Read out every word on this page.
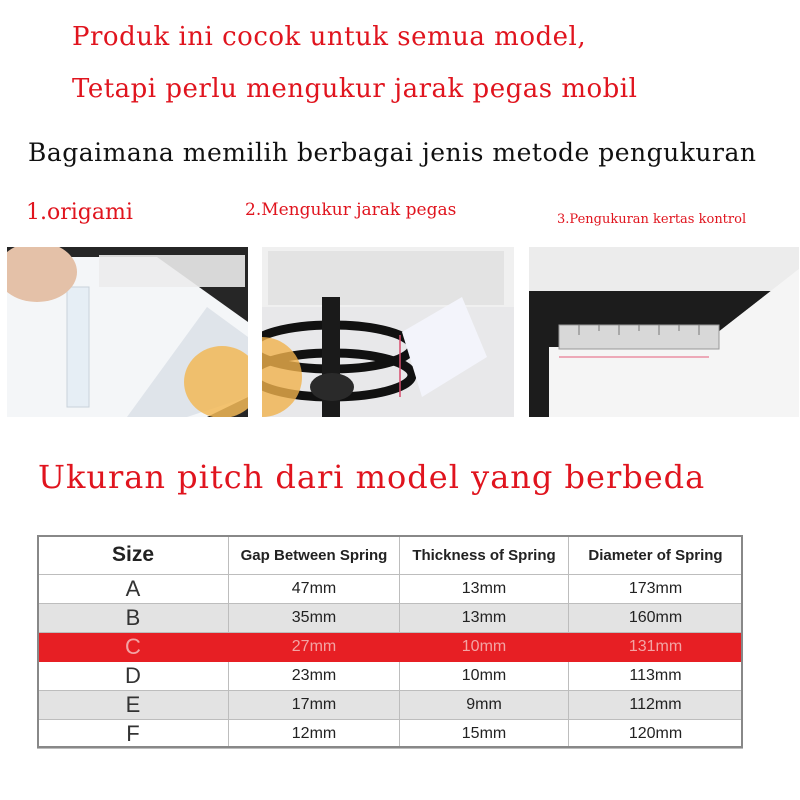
Produk ini cocok untuk semua model,
Tetapi perlu mengukur jarak pegas mobil
Bagaimana memilih berbagai jenis metode pengukuran
1.origami	2.Mengukur jarak pegas	3.Pengukuran kertas kontrol
Ukuran pitch dari model yang berbeda
Size	Gap Between Spring	Thickness of Spring	Diameter of Spring
A	47mm	13mm	173mm
B	35mm	13mm	160mm
C	27mm	10mm	131mm
D	23mm	10mm	113mm
E	17mm	9mm	112mm
F	12mm	15mm	120mm
